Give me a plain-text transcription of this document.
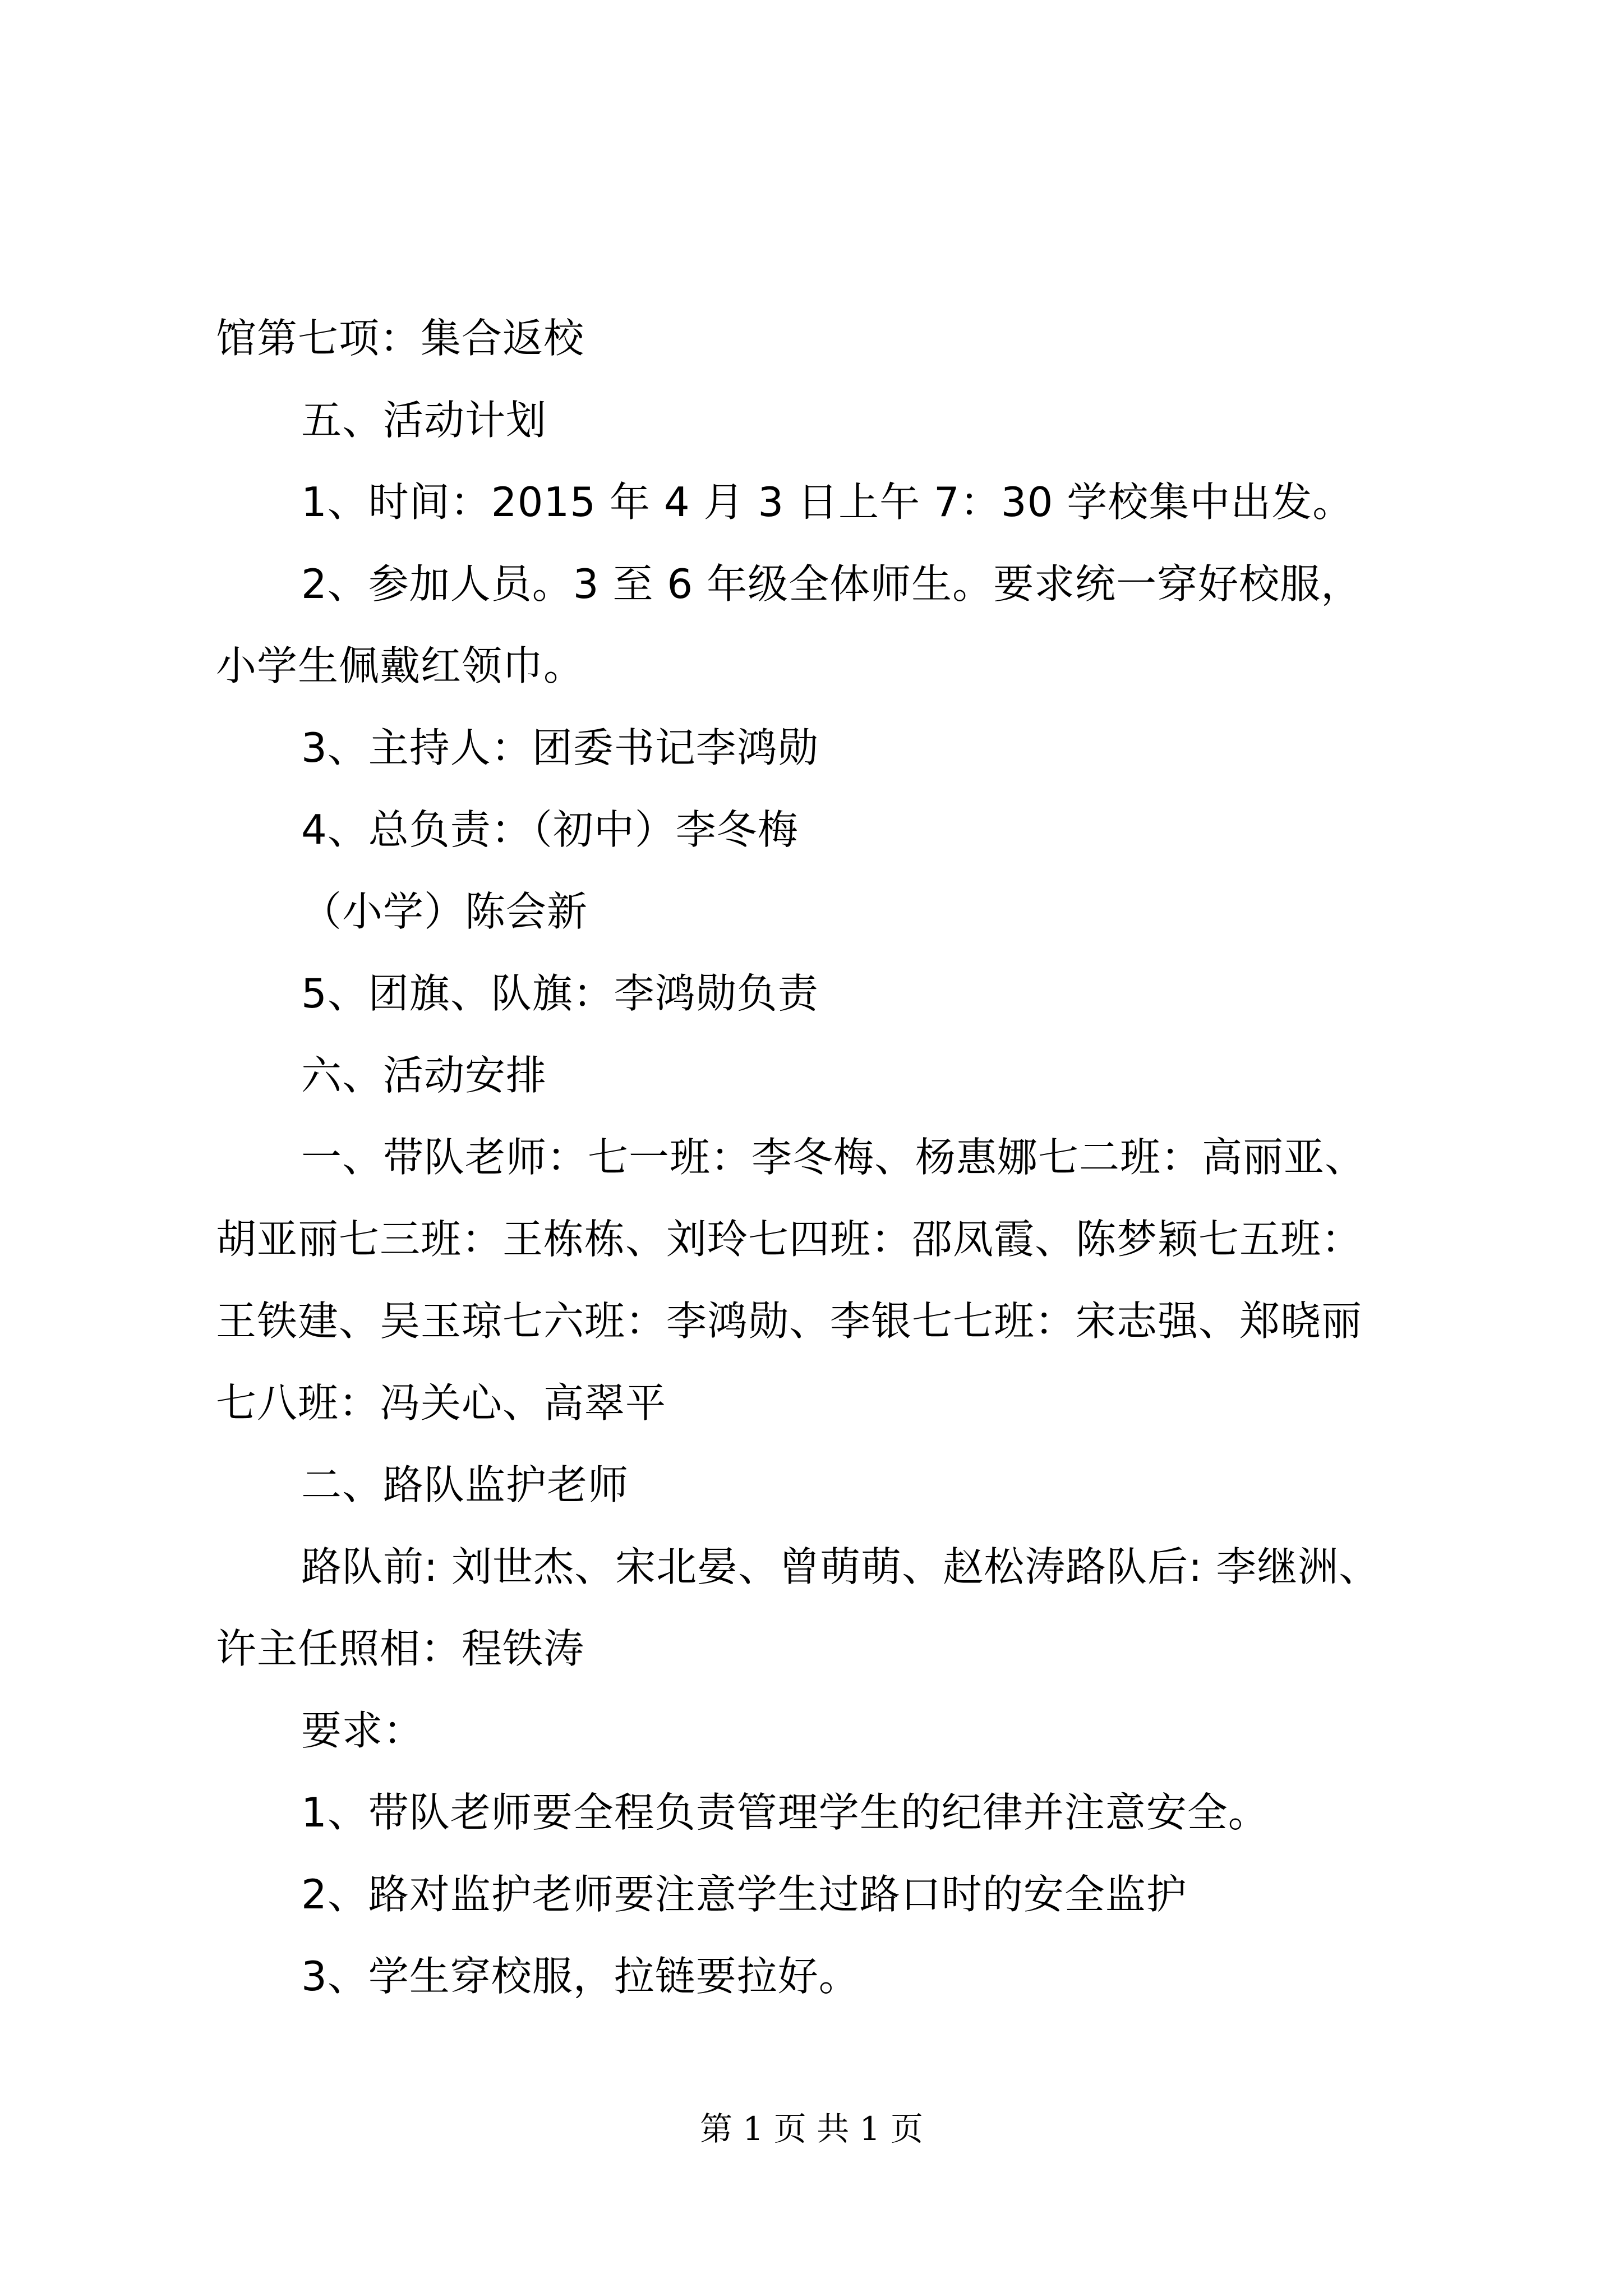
馆第七项：集合返校
五、活动计划
1、时间：2015 年 4 月 3 日上午 7：30 学校集中出发。
2、参加人员。3 至 6 年级全体师生。要求统一穿好校服，
小学生佩戴红领巾。
3、主持人：团委书记李鸿勋
4、总负责：（初中）李冬梅
（小学）陈会新
5、团旗、队旗：李鸿勋负责
六、活动安排
一、带队老师：七一班：李冬梅、杨惠娜七二班：高丽亚、
胡亚丽七三班：王栋栋、刘玲七四班：邵凤霞、陈梦颖七五班：
王铁建、吴玉琼七六班：李鸿勋、李银七七班：宋志强、郑晓丽
七八班：冯关心、高翠平
二、路队监护老师
路队前: 刘世杰、宋北晏、曾萌萌、赵松涛路队后: 李继洲、
许主任照相：程铁涛
要求：
1、带队老师要全程负责管理学生的纪律并注意安全。
2、路对监护老师要注意学生过路口时的安全监护
3、学生穿校服，拉链要拉好。
第 1 页 共 1 页
